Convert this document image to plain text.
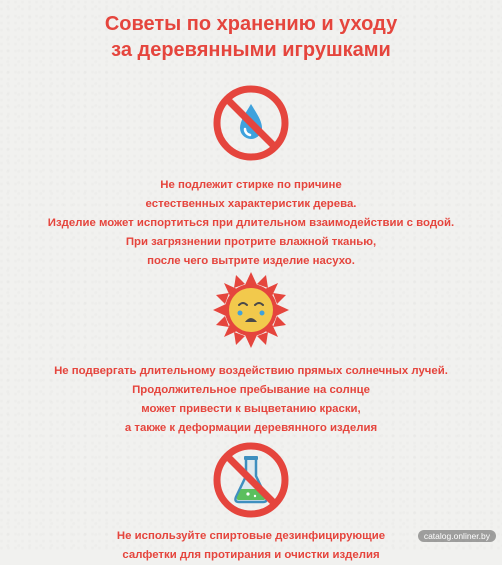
Советы по хранению и уходу
за деревянными игрушками
Не подлежит стирке по причине
естественных характеристик дерева.
Изделие может испортиться при длительном взаимодействии с водой.
При загрязнении протрите влажной тканью,
после чего вытрите изделие насухо.
Не подвергать длительному воздействию прямых солнечных лучей.
Продолжительное пребывание на солнце
может привести к выцветанию краски,
а также к деформации деревянного изделия
Не используйте спиртовые дезинфицирующие
салфетки для протирания и очистки изделия
catalog.onliner.by
